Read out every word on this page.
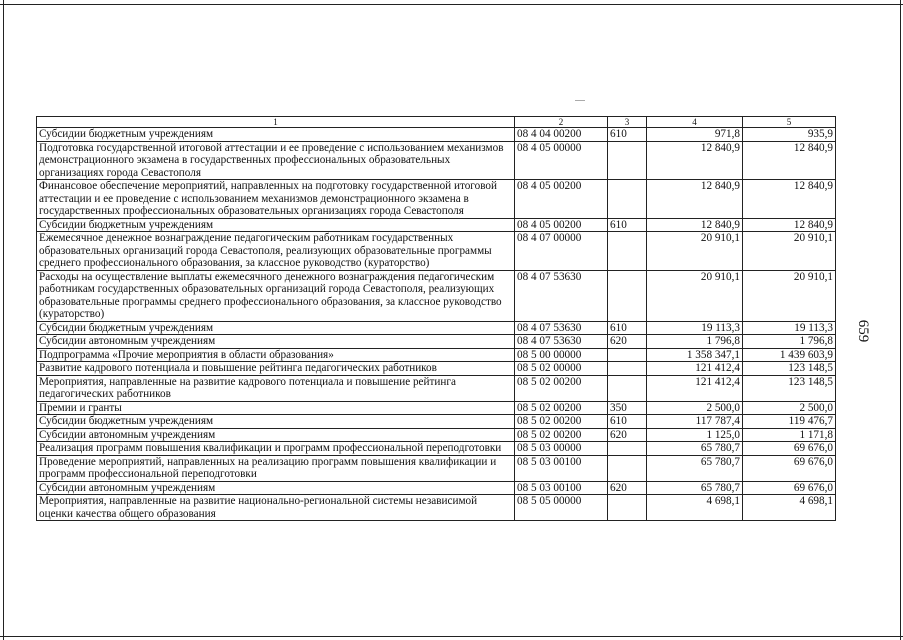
1	2	3	4	5
Субсидии бюджетным учреждениям	08 4 04 00200	610	971,8	935,9
Подготовка государственной итоговой аттестации и ее проведение с использованием механизмов демонстрационного экзамена в государственных профессиональных образовательных организациях города Севастополя	08 4 05 00000		12 840,9	12 840,9
Финансовое обеспечение мероприятий, направленных на подготовку государственной итоговой аттестации и ее проведение с использованием механизмов демонстрационного экзамена в государственных профессиональных образовательных организациях города Севастополя	08 4 05 00200		12 840,9	12 840,9
Субсидии бюджетным учреждениям	08 4 05 00200	610	12 840,9	12 840,9
Ежемесячное денежное вознаграждение педагогическим работникам государственных образовательных организаций города Севастополя, реализующих образовательные программы среднего профессионального образования, за классное руководство (кураторство)	08 4 07 00000		20 910,1	20 910,1
Расходы на осуществление выплаты ежемесячного денежного вознаграждения педагогическим работникам государственных образовательных организаций города Севастополя, реализующих образовательные программы среднего профессионального образования, за классное руководство (кураторство)	08 4 07 53630		20 910,1	20 910,1
Субсидии бюджетным учреждениям	08 4 07 53630	610	19 113,3	19 113,3
Субсидии автономным учреждениям	08 4 07 53630	620	1 796,8	1 796,8
Подпрограмма «Прочие мероприятия в области образования»	08 5 00 00000		1 358 347,1	1 439 603,9
Развитие кадрового потенциала и повышение рейтинга педагогических работников	08 5 02 00000		121 412,4	123 148,5
Мероприятия, направленные на развитие кадрового потенциала и повышение рейтинга педагогических работников	08 5 02 00200		121 412,4	123 148,5
Премии и гранты	08 5 02 00200	350	2 500,0	2 500,0
Субсидии бюджетным учреждениям	08 5 02 00200	610	117 787,4	119 476,7
Субсидии автономным учреждениям	08 5 02 00200	620	1 125,0	1 171,8
Реализация программ повышения квалификации и программ профессиональной переподготовки	08 5 03 00000		65 780,7	69 676,0
Проведение мероприятий, направленных на реализацию программ повышения квалификации и программ профессиональной переподготовки	08 5 03 00100		65 780,7	69 676,0
Субсидии автономным учреждениям	08 5 03 00100	620	65 780,7	69 676,0
Мероприятия, направленные на развитие национально-региональной системы независимой оценки качества общего образования	08 5 05 00000		4 698,1	4 698,1
659
